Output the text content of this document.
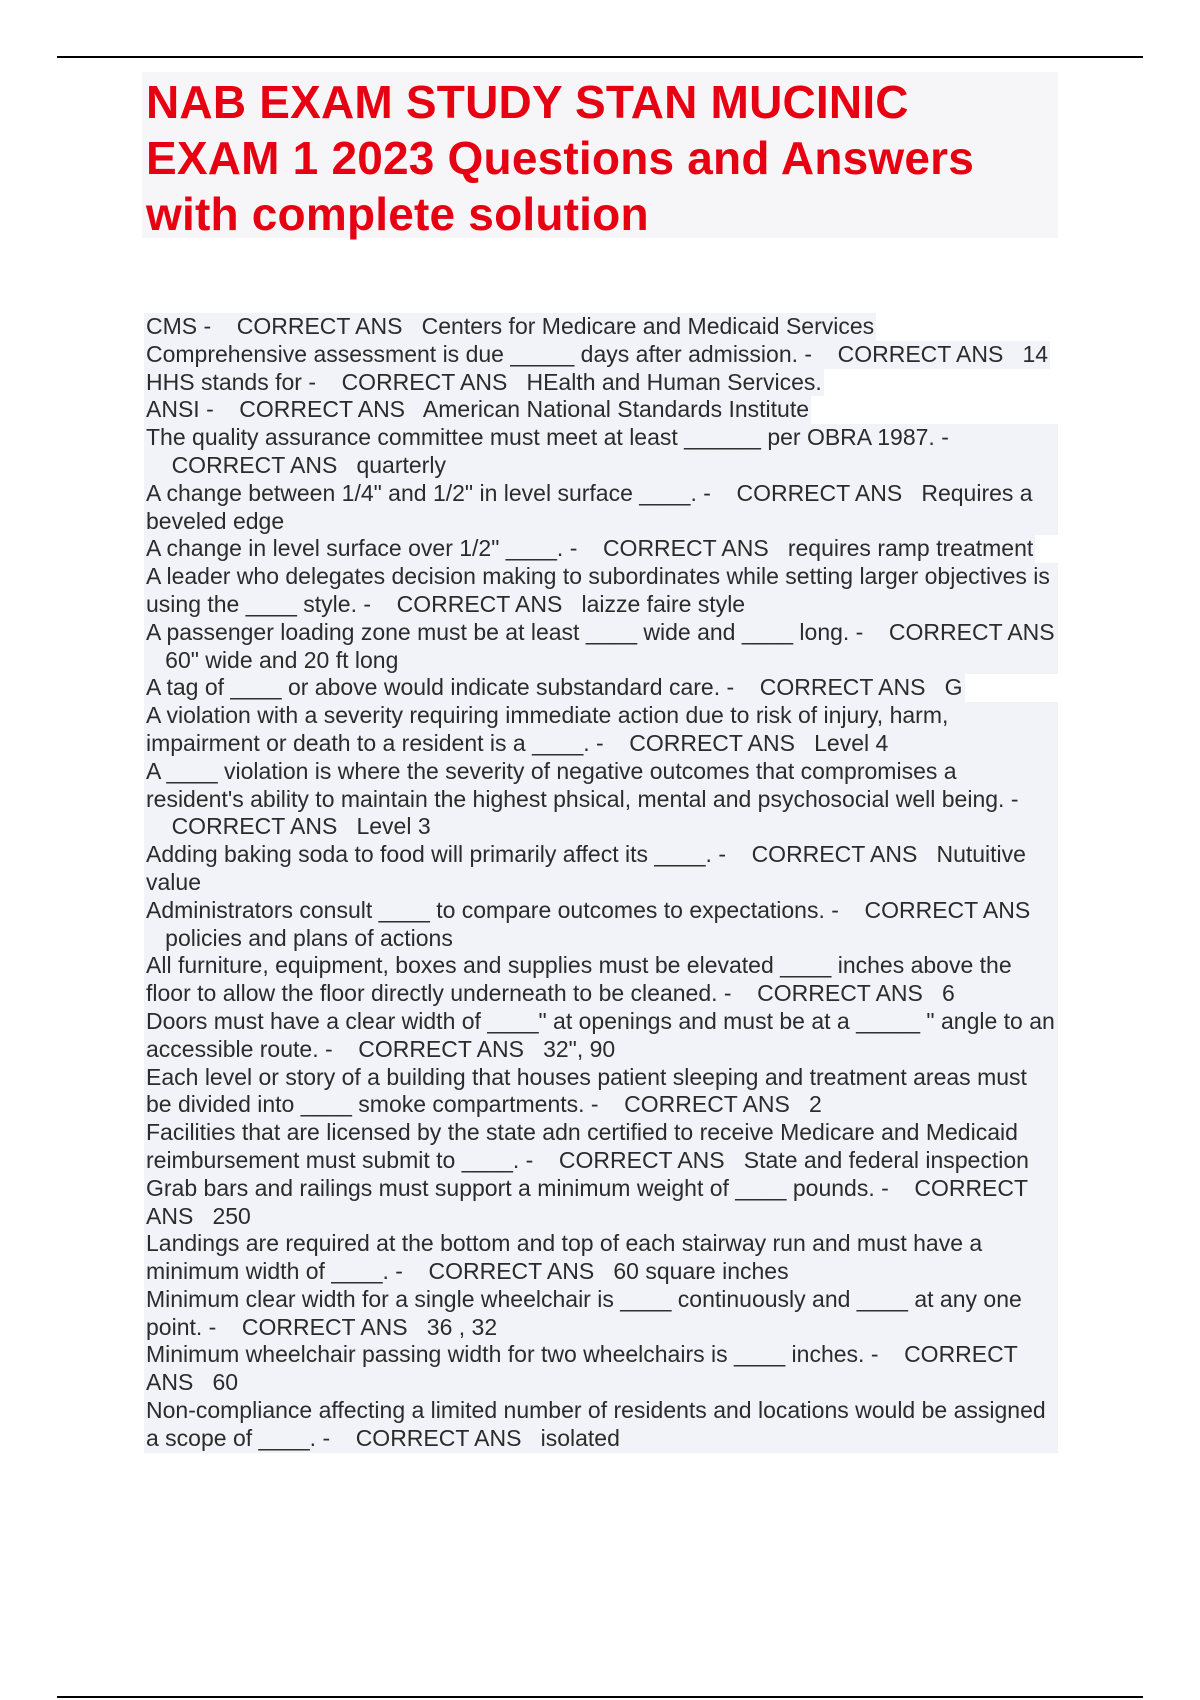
NAB EXAM STUDY STAN MUCINIC
EXAM 1 2023 Questions and Answers
with complete solution

CMS - CORRECT ANS Centers for Medicare and Medicaid Services

Comprehensive assessment is due _____ days after admission. - CORRECT ANS 14

HHS stands for - CORRECT ANS HEalth and Human Services.

ANSI - CORRECT ANS American National Standards Institute

The quality assurance committee must meet at least ______ per OBRA 1987. -    CORRECT ANS quarterly

A change between 1/4" and 1/2" in level surface ____. - CORRECT ANS Requires a beveled edge

A change in level surface over 1/2" ____. - CORRECT ANS requires ramp treatment

A leader who delegates decision making to subordinates while setting larger objectives is using the ____ style. - CORRECT ANS laizze faire style

A passenger loading zone must be at least ____ wide and ____ long. - CORRECT ANS   60" wide and 20 ft long

A tag of ____ or above would indicate substandard care. - CORRECT ANS G

A violation with a severity requiring immediate action due to risk of injury, harm, impairment or death to a resident is a ____. - CORRECT ANS Level 4

A ____ violation is where the severity of negative outcomes that compromises a resident's ability to maintain the highest phsical, mental and psychosocial well being. -    CORRECT ANS Level 3

Adding baking soda to food will primarily affect its ____. - CORRECT ANS Nutuitive value

Administrators consult ____ to compare outcomes to expectations. - CORRECT ANS   policies and plans of actions

All furniture, equipment, boxes and supplies must be elevated ____ inches above the floor to allow the floor directly underneath to be cleaned. - CORRECT ANS 6

Doors must have a clear width of ____" at openings and must be at a _____ " angle to an accessible route. - CORRECT ANS 32", 90

Each level or story of a building that houses patient sleeping and treatment areas must be divided into ____ smoke compartments. - CORRECT ANS 2

Facilities that are licensed by the state adn certified to receive Medicare and Medicaid reimbursement must submit to ____. - CORRECT ANS State and federal inspection

Grab bars and railings must support a minimum weight of ____ pounds. - CORRECT ANS 250

Landings are required at the bottom and top of each stairway run and must have a minimum width of ____. - CORRECT ANS 60 square inches

Minimum clear width for a single wheelchair is ____ continuously and ____ at any one point. - CORRECT ANS 36 , 32

Minimum wheelchair passing width for two wheelchairs is ____ inches. - CORRECT ANS 60

Non-compliance affecting a limited number of residents and locations would be assigned a scope of ____. - CORRECT ANS isolated
